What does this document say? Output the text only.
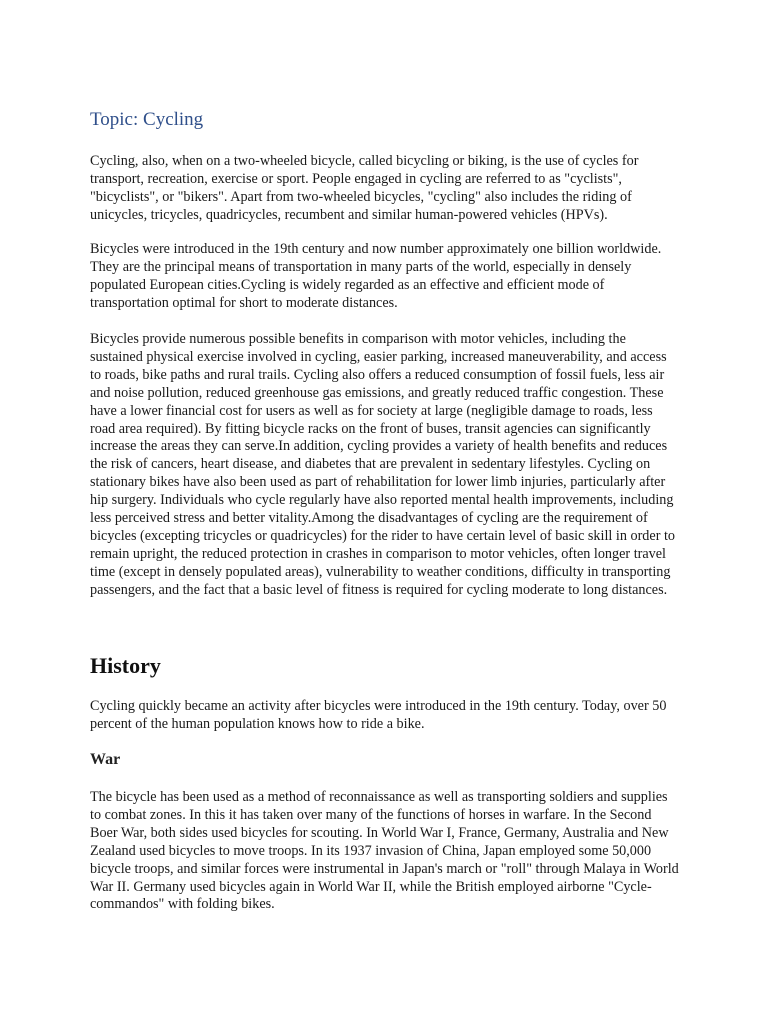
Topic: Cycling

Cycling, also, when on a two-wheeled bicycle, called bicycling or biking, is the use of cycles for transport, recreation, exercise or sport. People engaged in cycling are referred to as "cyclists", "bicyclists", or "bikers". Apart from two-wheeled bicycles, "cycling" also includes the riding of unicycles, tricycles, quadricycles, recumbent and similar human-powered vehicles (HPVs).

Bicycles were introduced in the 19th century and now number approximately one billion worldwide. They are the principal means of transportation in many parts of the world, especially in densely populated European cities.Cycling is widely regarded as an effective and efficient mode of transportation optimal for short to moderate distances.

Bicycles provide numerous possible benefits in comparison with motor vehicles, including the sustained physical exercise involved in cycling, easier parking, increased maneuverability, and access to roads, bike paths and rural trails. Cycling also offers a reduced consumption of fossil fuels, less air and noise pollution, reduced greenhouse gas emissions, and greatly reduced traffic congestion. These have a lower financial cost for users as well as for society at large (negligible damage to roads, less road area required). By fitting bicycle racks on the front of buses, transit agencies can significantly increase the areas they can serve.In addition, cycling provides a variety of health benefits and reduces the risk of cancers, heart disease, and diabetes that are prevalent in sedentary lifestyles. Cycling on stationary bikes have also been used as part of rehabilitation for lower limb injuries, particularly after hip surgery. Individuals who cycle regularly have also reported mental health improvements, including less perceived stress and better vitality.Among the disadvantages of cycling are the requirement of bicycles (excepting tricycles or quadricycles) for the rider to have certain level of basic skill in order to remain upright, the reduced protection in crashes in comparison to motor vehicles, often longer travel time (except in densely populated areas), vulnerability to weather conditions, difficulty in transporting passengers, and the fact that a basic level of fitness is required for cycling moderate to long distances.

History

Cycling quickly became an activity after bicycles were introduced in the 19th century. Today, over 50 percent of the human population knows how to ride a bike.

War

The bicycle has been used as a method of reconnaissance as well as transporting soldiers and supplies to combat zones. In this it has taken over many of the functions of horses in warfare. In the Second Boer War, both sides used bicycles for scouting. In World War I, France, Germany, Australia and New Zealand used bicycles to move troops. In its 1937 invasion of China, Japan employed some 50,000 bicycle troops, and similar forces were instrumental in Japan's march or "roll" through Malaya in World War II. Germany used bicycles again in World War II, while the British employed airborne "Cycle-commandos" with folding bikes.
